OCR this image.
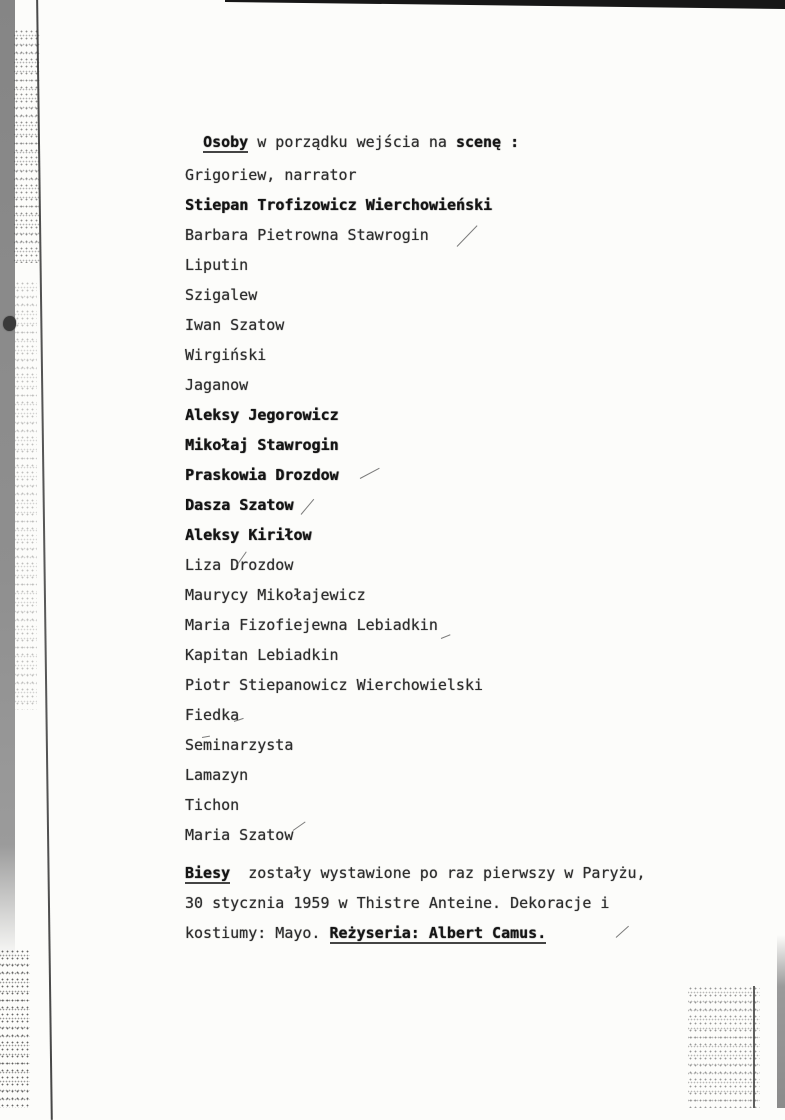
Osoby w porządku wejścia na scenę :

Grigoriew, narrator
Stiepan Trofizowicz Wierchowieński
Barbara Pietrowna Stawrogin
Liputin
Szigalew
Iwan Szatow
Wirgiński
Jaganow
Aleksy Jegorowicz
Mikołaj Stawrogin
Praskowia Drozdow
Dasza Szatow
Aleksy Kiriłow
Liza Drozdow
Maurycy Mikołajewicz
Maria Fizofiejewna Lebiadkin
Kapitan Lebiadkin
Piotr Stiepanowicz Wierchowielski
Fiedka
Seminarzysta
Lamazyn
Tichon
Maria Szatow
Biesy  zostały wystawione po raz pierwszy w Paryżu,
30 stycznia 1959 w Thistre Anteine. Dekoracje i
kostiumy: Mayo. Reżyseria: Albert Camus.
